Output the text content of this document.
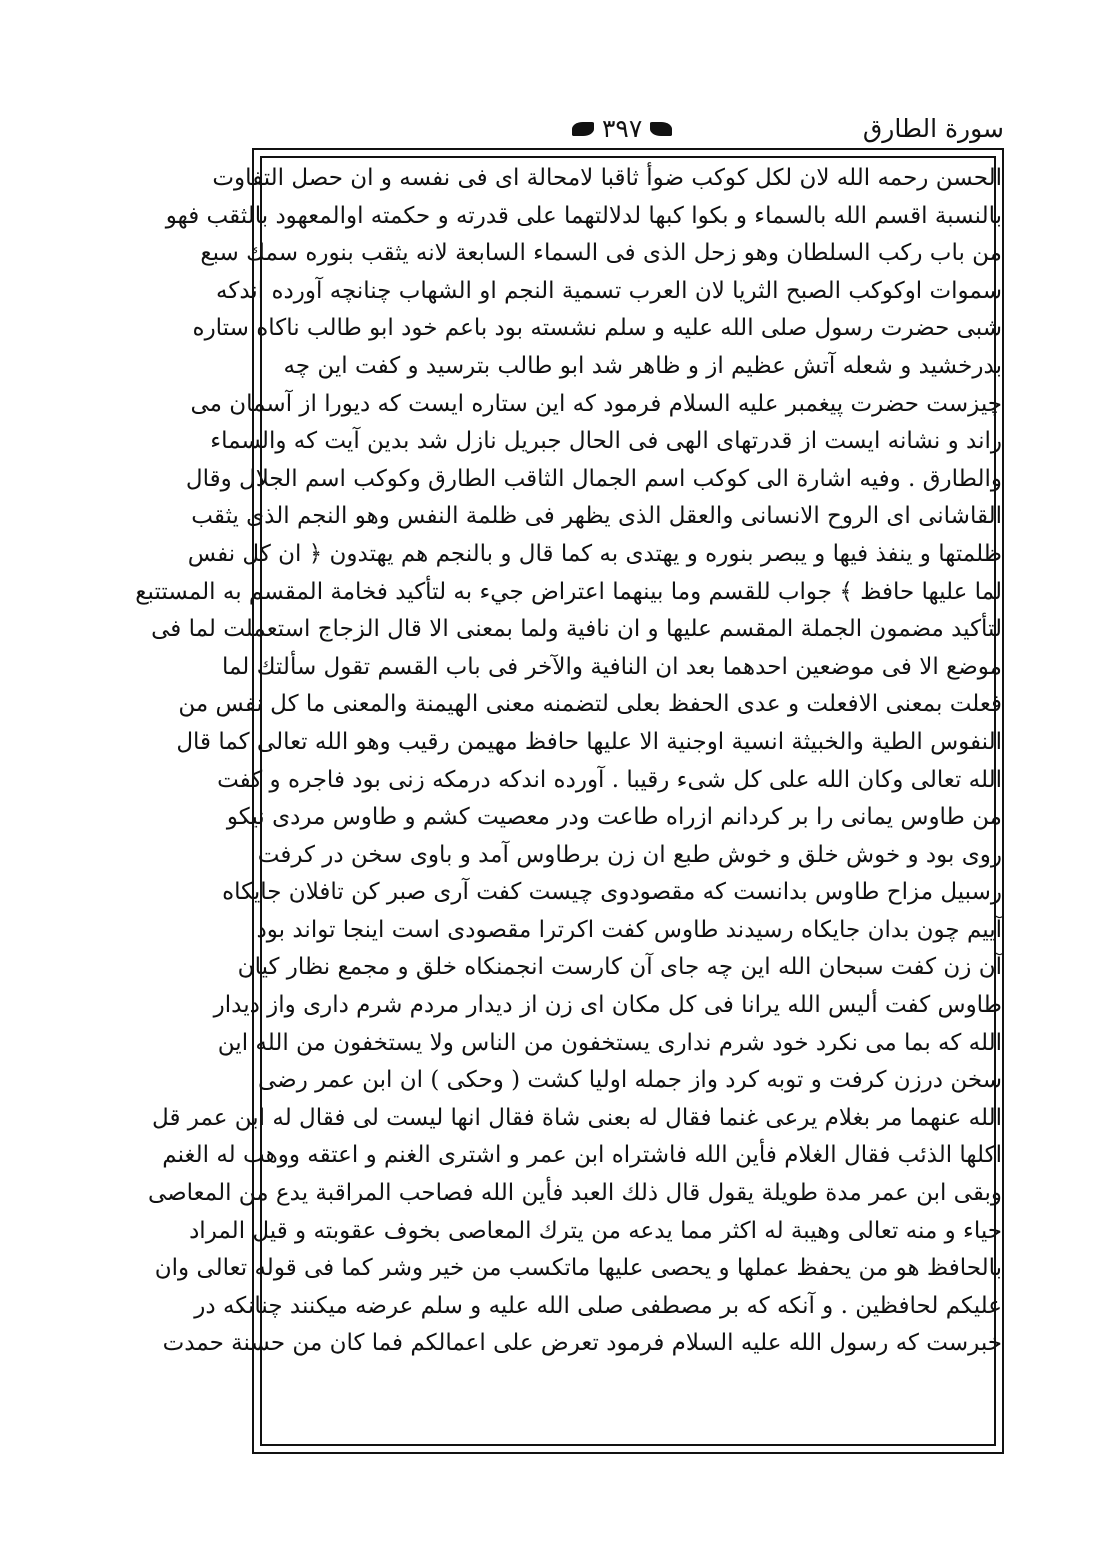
٣٩٧	سورة الطارق
الحسن رحمه الله لان لكل كوكب ضوأ ثاقبا لامحالة اى فى نفسه و ان حصل التفاوت
بالنسبة اقسم الله بالسماء و بكوا كبها لدلالتهما على قدرته و حكمته اوالمعهود بالثقب فهو
من باب ركب السلطان وهو زحل الذى فى السماء السابعة لانه يثقب بنوره سمك سبع
سموات اوكوكب الصبح الثريا لان العرب تسمية النجم او الشهاب چنانچه آورده اندكه
شبى حضرت رسول صلى الله عليه و سلم نشسته بود باعم خود ابو طالب ناكاه ستاره
بدرخشيد و شعله آتش عظيم از و ظاهر شد ابو طالب بترسيد و كفت اين چه
چيزست حضرت پيغمبر عليه السلام فرمود كه اين ستاره ايست كه ديورا از آسمان مى
راند و نشانه ايست از قدرتهاى الهى فى الحال جبريل نازل شد بدين آيت كه والسماء
والطارق . وفيه اشارة الى كوكب اسم الجمال الثاقب الطارق وكوكب اسم الجلال وقال
القاشانى اى الروح الانسانى والعقل الذى يظهر فى ظلمة النفس وهو النجم الذى يثقب
ظلمتها و ينفذ فيها و يبصر بنوره و يهتدى به كما قال و بالنجم هم يهتدون ﴿ ان كل نفس
لما عليها حافظ ﴾ جواب للقسم وما بينهما اعتراض جيء به لتأكيد فخامة المقسم به المستتبع
لتأكيد مضمون الجملة المقسم عليها و ان نافية ولما بمعنى الا قال الزجاج استعملت لما فى
موضع الا فى موضعين احدهما بعد ان النافية والآخر فى باب القسم تقول سألتك لما
فعلت بمعنى الافعلت و عدى الحفظ بعلى لتضمنه معنى الهيمنة والمعنى ما كل نفس من
النفوس الطية والخبيثة انسية اوجنية الا عليها حافظ مهيمن رقيب وهو الله تعالى كما قال
الله تعالى وكان الله على كل شىء رقيبا . آورده اندكه درمكه زنى بود فاجره و كفت
من طاوس يمانى را بر كردانم ازراه طاعت ودر معصيت كشم و طاوس مردى نيكو
روى بود و خوش خلق و خوش طبع ان زن برطاوس آمد و باوى سخن در كرفت
رسبيل مزاح طاوس بدانست كه مقصودوى چيست كفت آرى صبر كن تافلان جايكاه
آييم چون بدان جايكاه رسيدند طاوس كفت اكرترا مقصودى است اينجا تواند بود
آن زن كفت سبحان الله اين چه جاى آن كارست انجمنكاه خلق و مجمع نظار كيان
طاوس كفت أليس الله يرانا فى كل مكان اى زن از ديدار مردم شرم دارى واز ديدار
الله كه بما مى نكرد خود شرم ندارى يستخفون من الناس ولا يستخفون من الله اين
سخن درزن كرفت و توبه كرد واز جمله اوليا كشت ( وحكى ) ان ابن عمر رضى
الله عنهما مر بغلام يرعى غنما فقال له بعنى شاة فقال انها ليست لى فقال له ابن عمر قل
اكلها الذئب فقال الغلام فأين الله فاشتراه ابن عمر و اشترى الغنم و اعتقه ووهب له الغنم
وبقى ابن عمر مدة طويلة يقول قال ذلك العبد فأين الله فصاحب المراقبة يدع من المعاصى
حياء و منه تعالى وهيبة له اكثر مما يدعه من يترك المعاصى بخوف عقوبته و قيل المراد
بالحافظ هو من يحفظ عملها و يحصى عليها ماتكسب من خير وشر كما فى قوله تعالى وان
عليكم لحافظين . و آنكه كه بر مصطفى صلى الله عليه و سلم عرضه ميكنند چنانكه در
خبرست كه رسول الله عليه السلام فرمود تعرض على اعمالكم فما كان من حسنة حمدت
